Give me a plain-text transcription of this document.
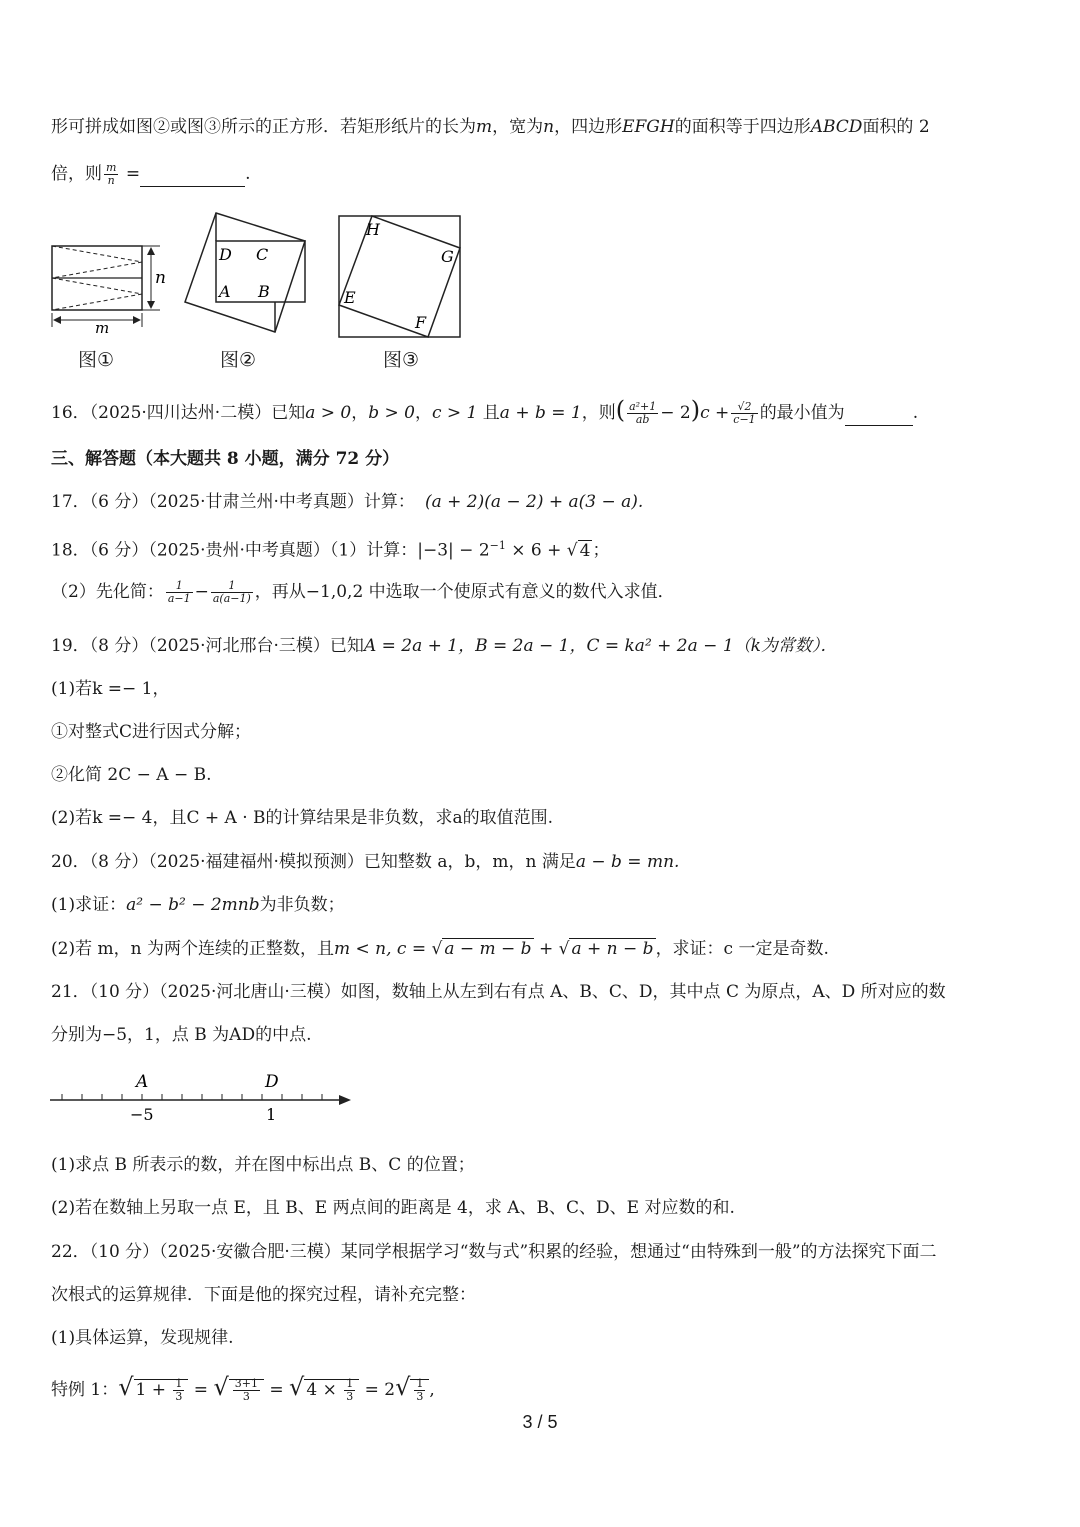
形可拼成如图②或图③所示的正方形．若矩形纸片的长为m，宽为n，四边形EFGH的面积等于四边形ABCD面积的 2
倍，则 $\frac{m}{n}$ =	.
n
m
D C
A B
H
G
E
F
图①	图②	图③
16．（2025·四川达州·二模）已知a > 0，b > 0，c > 1 且a + b = 1，则( $\frac{\text{a²+1}}{ab} - 2)c + \frac{√2}{c-1}$ 的最小值为	.
三、解答题（本大题共 8 小题，满分 72 分）
17．（6 分）（2025·甘肃兰州·中考真题）计算： (a + 2)(a − 2) + a(3 − a).
18．（6 分）（2025·贵州·中考真题）（1）计算：$|-3| - 2^{-1} \times 6$ + √ 4 ；
（2）先化简： $\frac{1}{a-1} - \frac{1}{a(a-1)}$ ，再从−1,0,2 中选取一个使原式有意义的数代入求值．
19．（8 分）（2025·河北邢台·三模）已知A = 2a + 1，B = 2a − 1，C = ka² + 2a − 1（k为常数）．
(1)若k =− 1，
①对整式C进行因式分解；
②化简 2C − A − B.
(2)若k =− 4，且C + A · B的计算结果是非负数，求a的取值范围.
20．（8 分）（2025·福建福州·模拟预测）已知整数 a，b，m，n 满足a − b = mn.
(1)求证：a² − b² − 2mnb为非负数；
(2)若 m，n 为两个连续的正整数，且m < n, c = √ a − m − b + √ a + n − b ，求证：c 一定是奇数.
21．（10 分）（2025·河北唐山·三模）如图，数轴上从左到右有点 A、B、C、D，其中点 C 为原点，A、D 所对应的数
分别为−5，1，点 B 为AD的中点.
A	D
−5	1
(1)求点 B 所表示的数，并在图中标出点 B、C 的位置；
(2)若在数轴上另取一点 E，且 B、E 两点间的距离是 4，求 A、B、C、D、E 对应数的和.
22．（10 分）（2025·安徽合肥·三模）某同学根据学习“数与式”积累的经验，想通过“由特殊到一般”的方法探究下面二
次根式的运算规律．下面是他的探究过程，请补充完整：
(1)具体运算，发现规律.
特例 1：√ $1 + \frac{1}{3}$ = √ $\frac{3+1}{3}$ = √ $4 \times \frac{1}{3} = 2√ \frac{1}{3}$ ,
3 / 5
